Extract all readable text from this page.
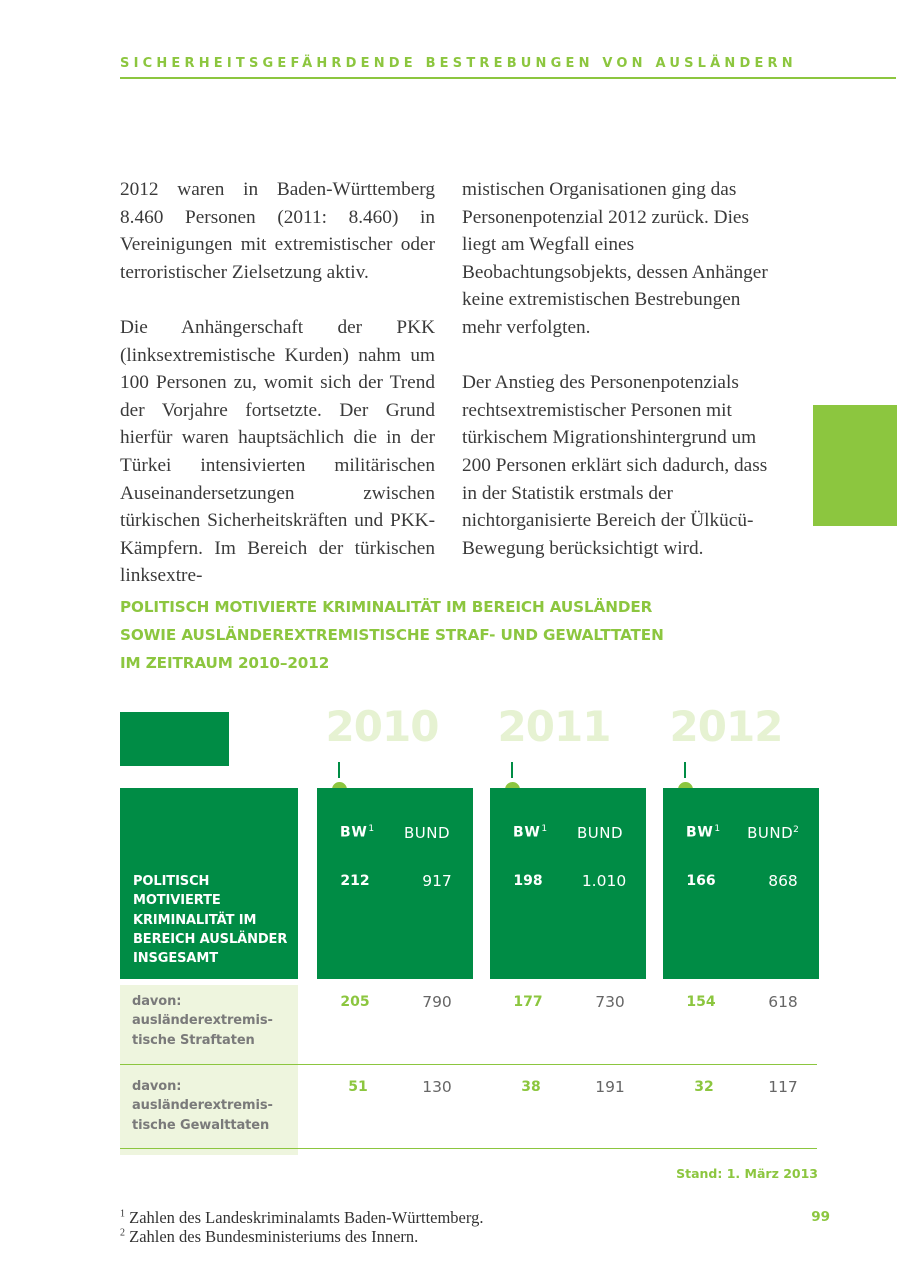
SICHERHEITSGEFÄHRDENDE BESTREBUNGEN VON AUSLÄNDERN

2012 waren in Baden-Württemberg 8.460 Personen (2011: 8.460) in Vereinigungen mit extremistischer oder terroristischer Zielsetzung aktiv.

Die Anhängerschaft der PKK (linksextremistische Kurden) nahm um 100 Personen zu, womit sich der Trend der Vorjahre fortsetzte. Der Grund hierfür waren hauptsächlich die in der Türkei intensivierten militärischen Auseinandersetzungen zwischen türkischen Sicherheitskräften und PKK-Kämpfern. Im Bereich der türkischen linksextre-

mistischen Organisationen ging das Personenpotenzial 2012 zurück. Dies liegt am Wegfall eines Beobachtungsobjekts, dessen Anhänger keine extremistischen Bestrebungen mehr verfolgten.

Der Anstieg des Personenpotenzials rechtsextremistischer Personen mit türkischem Migrationshintergrund um 200 Personen erklärt sich dadurch, dass in der Statistik erstmals der nichtorganisierte Bereich der Ülkücü-Bewegung berücksichtigt wird.

POLITISCH MOTIVIERTE KRIMINALITÄT IM BEREICH AUSLÄNDER
SOWIE AUSLÄNDEREXTREMISTISCHE STRAF- UND GEWALTTATEN
IM ZEITRAUM 2010–2012
2010	2011	2012
$BW^1$	BUND	$BW^1$	BUND	$BW^1$	BUND$^2$
POLITISCH MOTIVIERTE
KRIMINALITÄT IM
BEREICH AUSLÄNDER
INSGESAMT
212	917	198	1.010	166	868
davon:
ausländerextremis-
tische Straftaten
205	790	177	730	154	618
davon:
ausländerextremis-
tische Gewalttaten
51	130	38	191	32	117
Stand: 1. März 2013
$^1$ Zahlen des Landeskriminalamts Baden-Württemberg.
$^2$ Zahlen des Bundesministeriums des Innern.
99
